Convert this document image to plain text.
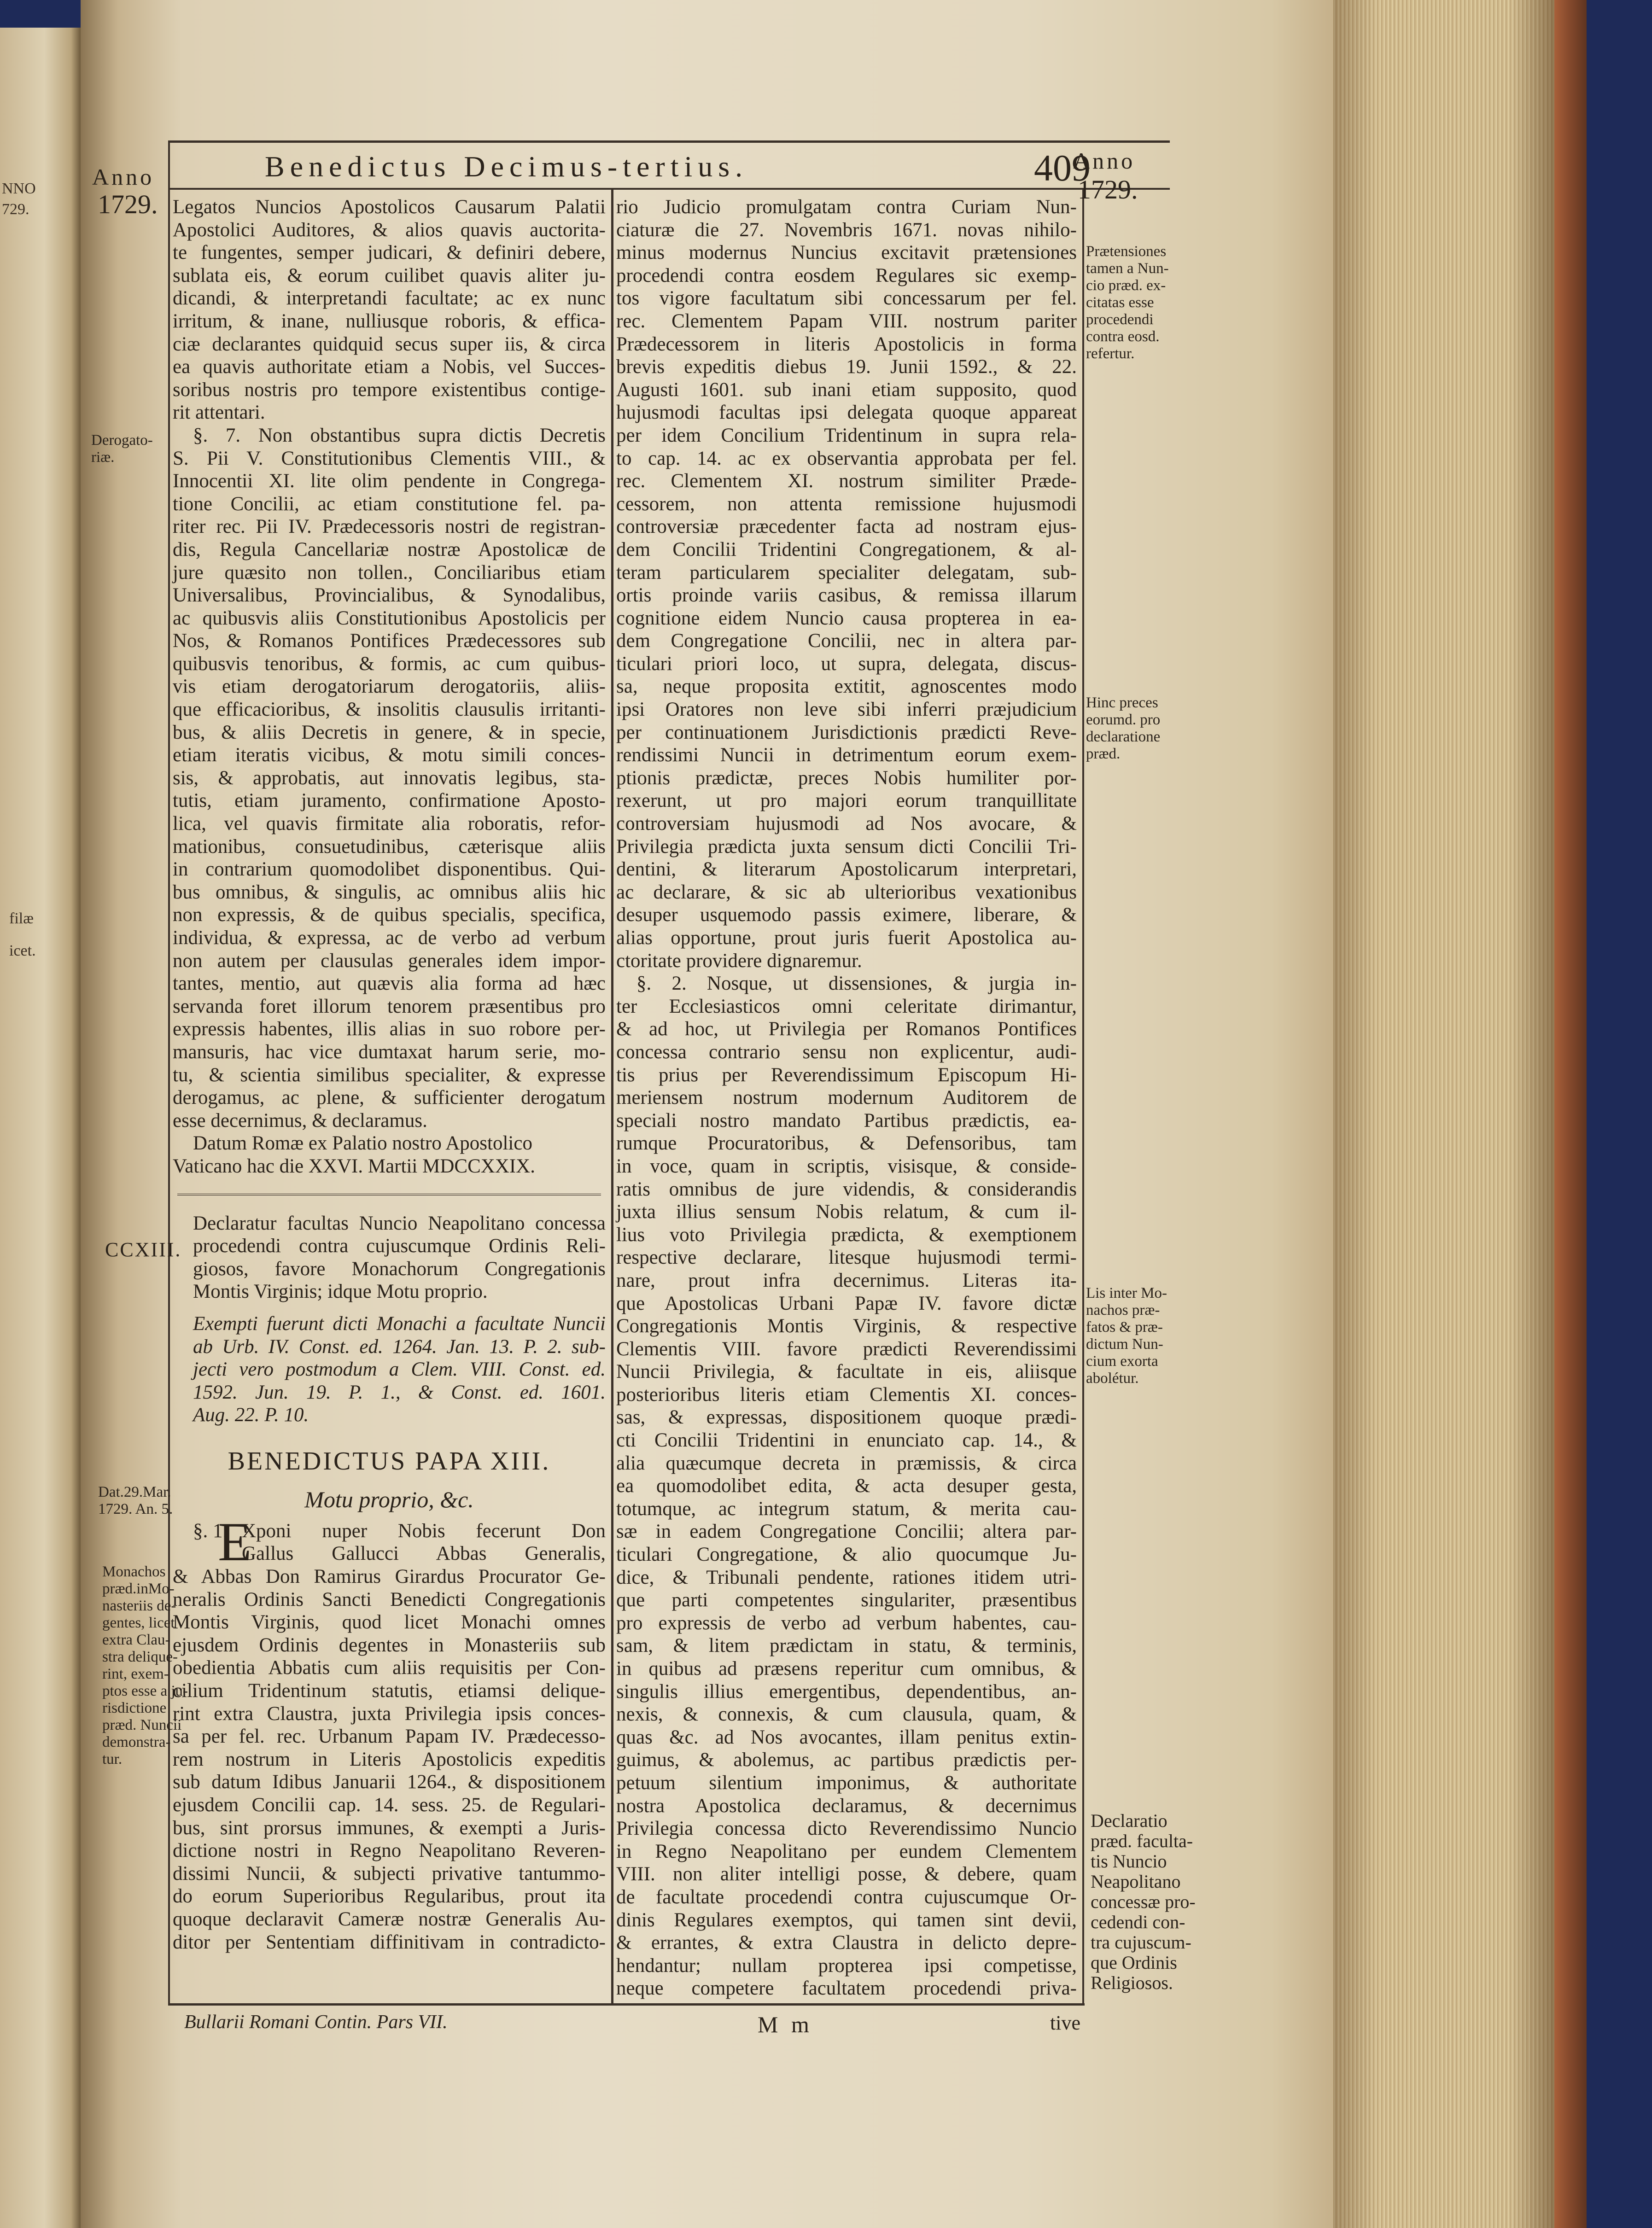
NNO
729.
filæ
icet.
Anno
1729.
Benedictus Decimus-tertius.	409
Anno
1729.

Derogato-

riæ.

CCXIII.

Dat.29.Mar.

1729. An. 5.

Monachos

præd.inMo-

nasteriis de-

gentes, licet

extra Clau-

stra delique-

rint, exem-

ptos esse a ju-

risdictione

præd. Nuncii

demonstra-

tur.

Prætensiones

tamen a Nun-

cio præd. ex-

citatas esse

procedendi

contra eosd.

refertur.

Hinc preces

eorumd. pro

declaratione

præd.

Lis inter Mo-

nachos præ-

fatos & præ-

dictum Nun-

cium exorta

abolétur.

Declaratio

præd. faculta-

tis Nuncio

Neapolitano

concessæ pro-

cedendi con-

tra cujuscum-

que Ordinis

Religiosos.

Legatos Nuncios Apostolicos Causarum Palatii

Apostolici Auditores, & alios quavis auctorita-

te fungentes, semper judicari, & definiri debere,

sublata eis, & eorum cuilibet quavis aliter ju-

dicandi, & interpretandi facultate; ac ex nunc

irritum, & inane, nulliusque roboris, & effica-

ciæ declarantes quidquid secus super iis, & circa

ea quavis authoritate etiam a Nobis, vel Succes-

soribus nostris pro tempore existentibus contige-

rit attentari.

§. 7. Non obstantibus supra dictis Decretis

S. Pii V. Constitutionibus Clementis VIII., &

Innocentii XI. lite olim pendente in Congrega-

tione Concilii, ac etiam constitutione fel. pa-

riter rec. Pii IV. Prædecessoris nostri de registran-

dis, Regula Cancellariæ nostræ Apostolicæ de

jure quæsito non tollen., Conciliaribus etiam

Universalibus, Provincialibus, & Synodalibus,

ac quibusvis aliis Constitutionibus Apostolicis per

Nos, & Romanos Pontifices Prædecessores sub

quibusvis tenoribus, & formis, ac cum quibus-

vis etiam derogatoriarum derogatoriis, aliis-

que efficacioribus, & insolitis clausulis irritanti-

bus, & aliis Decretis in genere, & in specie,

etiam iteratis vicibus, & motu simili conces-

sis, & approbatis, aut innovatis legibus, sta-

tutis, etiam juramento, confirmatione Aposto-

lica, vel quavis firmitate alia roboratis, refor-

mationibus, consuetudinibus, cæterisque aliis

in contrarium quomodolibet disponentibus. Qui-

bus omnibus, & singulis, ac omnibus aliis hic

non expressis, & de quibus specialis, specifica,

individua, & expressa, ac de verbo ad verbum

non autem per clausulas generales idem impor-

tantes, mentio, aut quævis alia forma ad hæc

servanda foret illorum tenorem præsentibus pro

expressis habentes, illis alias in suo robore per-

mansuris, hac vice dumtaxat harum serie, mo-

tu, & scientia similibus specialiter, & expresse

derogamus, ac plene, & sufficienter derogatum

esse decernimus, & declaramus.

Datum Romæ ex Palatio nostro Apostolico

Vaticano hac die XXVI. Martii MDCCXXIX.

Declaratur facultas Nuncio Neapolitano concessa

procedendi contra cujuscumque Ordinis Reli-

giosos, favore Monachorum Congregationis

Montis Virginis; idque Motu proprio.

Exempti fuerunt dicti Monachi a facultate Nuncii

ab Urb. IV. Const. ed. 1264. Jan. 13. P. 2. sub-

jecti vero postmodum a Clem. VIII. Const. ed.

1592. Jun. 19. P. 1., & Const. ed. 1601.

Aug. 22. P. 10.

BENEDICTUS PAPA XIII.

Motu proprio, &c.

§. 1.
E

Xponi nuper Nobis fecerunt Don

Gallus Gallucci Abbas Generalis,

& Abbas Don Ramirus Girardus Procurator Ge-

neralis Ordinis Sancti Benedicti Congregationis

Montis Virginis, quod licet Monachi omnes

ejusdem Ordinis degentes in Monasteriis sub

obedientia Abbatis cum aliis requisitis per Con-

cilium Tridentinum statutis, etiamsi delique-

rint extra Claustra, juxta Privilegia ipsis conces-

sa per fel. rec. Urbanum Papam IV. Prædecesso-

rem nostrum in Literis Apostolicis expeditis

sub datum Idibus Januarii 1264., & dispositionem

ejusdem Concilii cap. 14. sess. 25. de Regulari-

bus, sint prorsus immunes, & exempti a Juris-

dictione nostri in Regno Neapolitano Reveren-

dissimi Nuncii, & subjecti privative tantummo-

do eorum Superioribus Regularibus, prout ita

quoque declaravit Cameræ nostræ Generalis Au-

ditor per Sententiam diffinitivam in contradicto-

rio Judicio promulgatam contra Curiam Nun-

ciaturæ die 27. Novembris 1671. novas nihilo-

minus modernus Nuncius excitavit prætensiones

procedendi contra eosdem Regulares sic exemp-

tos vigore facultatum sibi concessarum per fel.

rec. Clementem Papam VIII. nostrum pariter

Prædecessorem in literis Apostolicis in forma

brevis expeditis diebus 19. Junii 1592., & 22.

Augusti 1601. sub inani etiam supposito, quod

hujusmodi facultas ipsi delegata quoque appareat

per idem Concilium Tridentinum in supra rela-

to cap. 14. ac ex observantia approbata per fel.

rec. Clementem XI. nostrum similiter Præde-

cessorem, non attenta remissione hujusmodi

controversiæ præcedenter facta ad nostram ejus-

dem Concilii Tridentini Congregationem, & al-

teram particularem specialiter delegatam, sub-

ortis proinde variis casibus, & remissa illarum

cognitione eidem Nuncio causa propterea in ea-

dem Congregatione Concilii, nec in altera par-

ticulari priori loco, ut supra, delegata, discus-

sa, neque proposita extitit, agnoscentes modo

ipsi Oratores non leve sibi inferri præjudicium

per continuationem Jurisdictionis prædicti Reve-

rendissimi Nuncii in detrimentum eorum exem-

ptionis prædictæ, preces Nobis humiliter por-

rexerunt, ut pro majori eorum tranquillitate

controversiam hujusmodi ad Nos avocare, &

Privilegia prædicta juxta sensum dicti Concilii Tri-

dentini, & literarum Apostolicarum interpretari,

ac declarare, & sic ab ulterioribus vexationibus

desuper usquemodo passis eximere, liberare, &

alias opportune, prout juris fuerit Apostolica au-

ctoritate providere dignaremur.

§. 2. Nosque, ut dissensiones, & jurgia in-

ter Ecclesiasticos omni celeritate dirimantur,

& ad hoc, ut Privilegia per Romanos Pontifices

concessa contrario sensu non explicentur, audi-

tis prius per Reverendissimum Episcopum Hi-

meriensem nostrum modernum Auditorem de

speciali nostro mandato Partibus prædictis, ea-

rumque Procuratoribus, & Defensoribus, tam

in voce, quam in scriptis, visisque, & conside-

ratis omnibus de jure videndis, & considerandis

juxta illius sensum Nobis relatum, & cum il-

lius voto Privilegia prædicta, & exemptionem

respective declarare, litesque hujusmodi termi-

nare, prout infra decernimus. Literas ita-

que Apostolicas Urbani Papæ IV. favore dictæ

Congregationis Montis Virginis, & respective

Clementis VIII. favore prædicti Reverendissimi

Nuncii Privilegia, & facultate in eis, aliisque

posterioribus literis etiam Clementis XI. conces-

sas, & expressas, dispositionem quoque prædi-

cti Concilii Tridentini in enunciato cap. 14., &

alia quæcumque decreta in præmissis, & circa

ea quomodolibet edita, & acta desuper gesta,

totumque, ac integrum statum, & merita cau-

sæ in eadem Congregatione Concilii; altera par-

ticulari Congregatione, & alio quocumque Ju-

dice, & Tribunali pendente, rationes itidem utri-

que parti competentes singulariter, præsentibus

pro expressis de verbo ad verbum habentes, cau-

sam, & litem prædictam in statu, & terminis,

in quibus ad præsens reperitur cum omnibus, &

singulis illius emergentibus, dependentibus, an-

nexis, & connexis, & cum clausula, quam, &

quas &c. ad Nos avocantes, illam penitus extin-

guimus, & abolemus, ac partibus prædictis per-

petuum silentium imponimus, & authoritate

nostra Apostolica declaramus, & decernimus

Privilegia concessa dicto Reverendissimo Nuncio

in Regno Neapolitano per eundem Clementem

VIII. non aliter intelligi posse, & debere, quam

de facultate procedendi contra cujuscumque Or-

dinis Regulares exemptos, qui tamen sint devii,

& errantes, & extra Claustra in delicto depre-

hendantur; nullam propterea ipsi competisse,

neque competere facultatem procedendi priva-

Bullarii Romani Contin. Pars VII.	M m	tive
